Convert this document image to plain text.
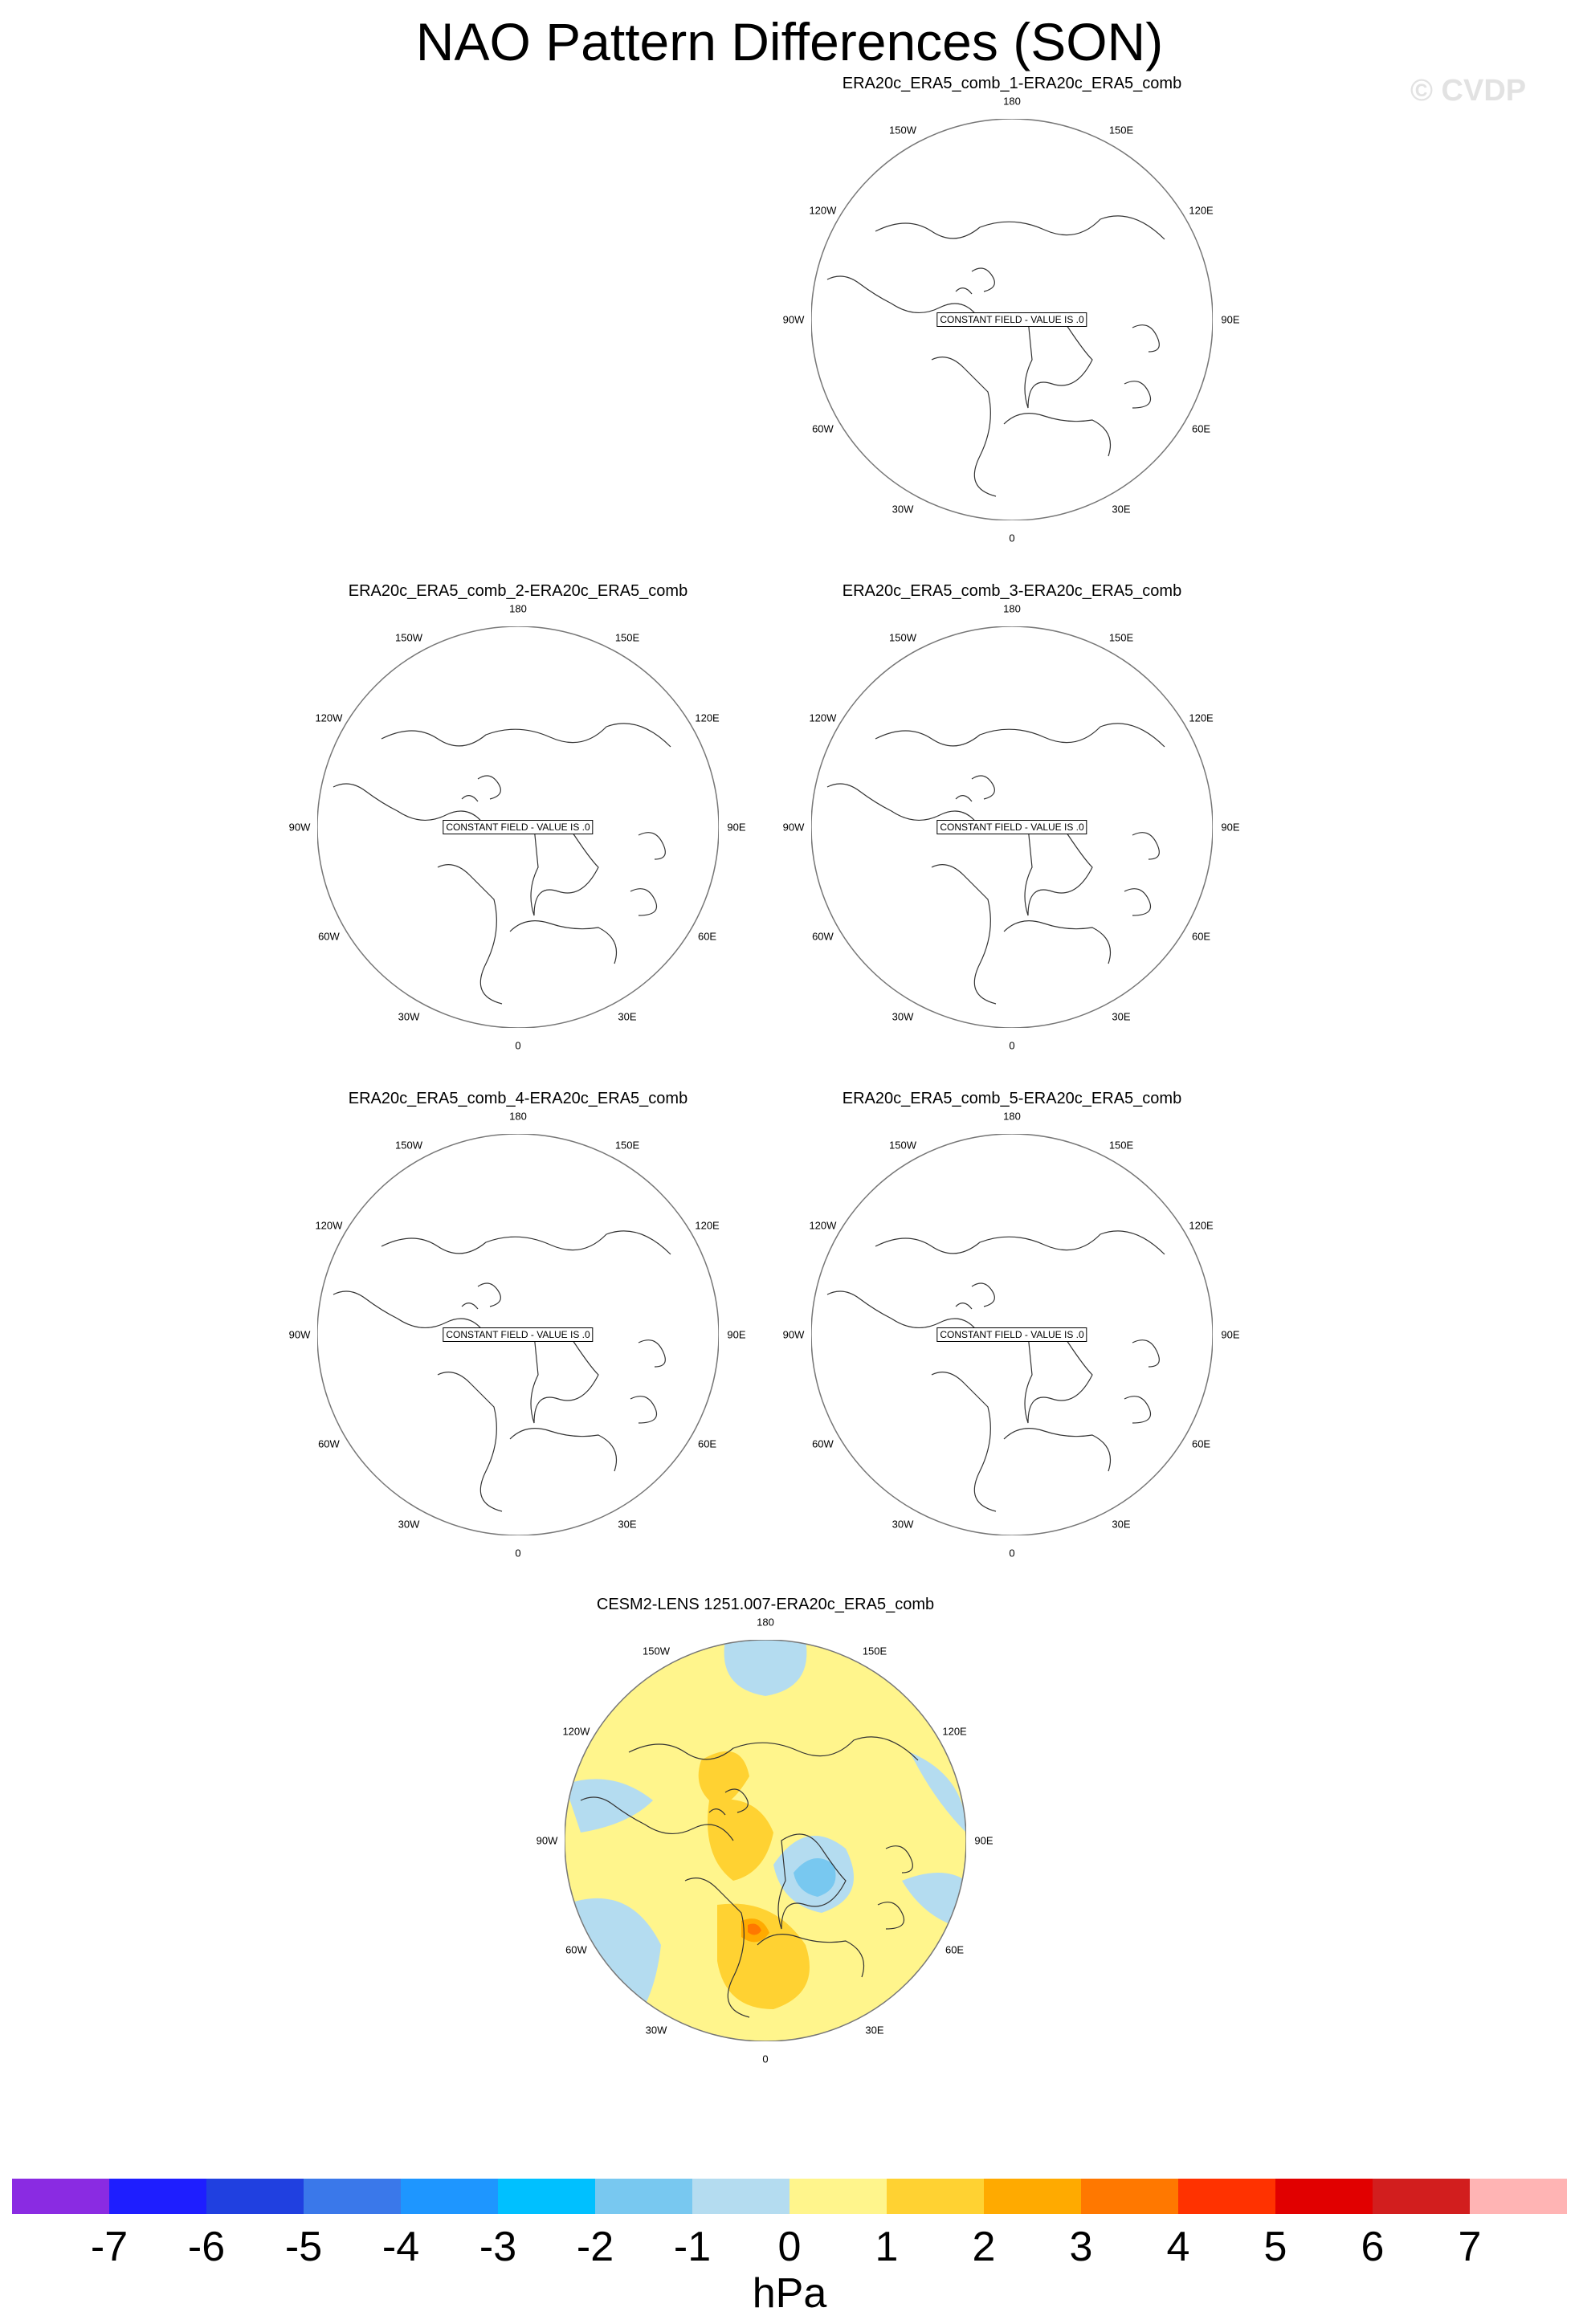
NAO Pattern Differences (SON)
© CVDP
ERA20c_ERA5_comb_1-ERA20c_ERA5_comb
180
150E
120E
90E
60E
30E
0
30W
60W
90W
120W
150W
CONSTANT FIELD - VALUE IS .0
ERA20c_ERA5_comb_2-ERA20c_ERA5_comb
180
150E
120E
90E
60E
30E
0
30W
60W
90W
120W
150W
CONSTANT FIELD - VALUE IS .0
ERA20c_ERA5_comb_3-ERA20c_ERA5_comb
180
150E
120E
90E
60E
30E
0
30W
60W
90W
120W
150W
CONSTANT FIELD - VALUE IS .0
ERA20c_ERA5_comb_4-ERA20c_ERA5_comb
180
150E
120E
90E
60E
30E
0
30W
60W
90W
120W
150W
CONSTANT FIELD - VALUE IS .0
ERA20c_ERA5_comb_5-ERA20c_ERA5_comb
180
150E
120E
90E
60E
30E
0
30W
60W
90W
120W
150W
CONSTANT FIELD - VALUE IS .0
CESM2-LENS 1251.007-ERA20c_ERA5_comb
180
150E
120E
90E
60E
30E
0
30W
60W
90W
120W
150W
-7 -6 -5 -4 -3 -2 -1 0 1 2 3 4 5 6 7
hPa
